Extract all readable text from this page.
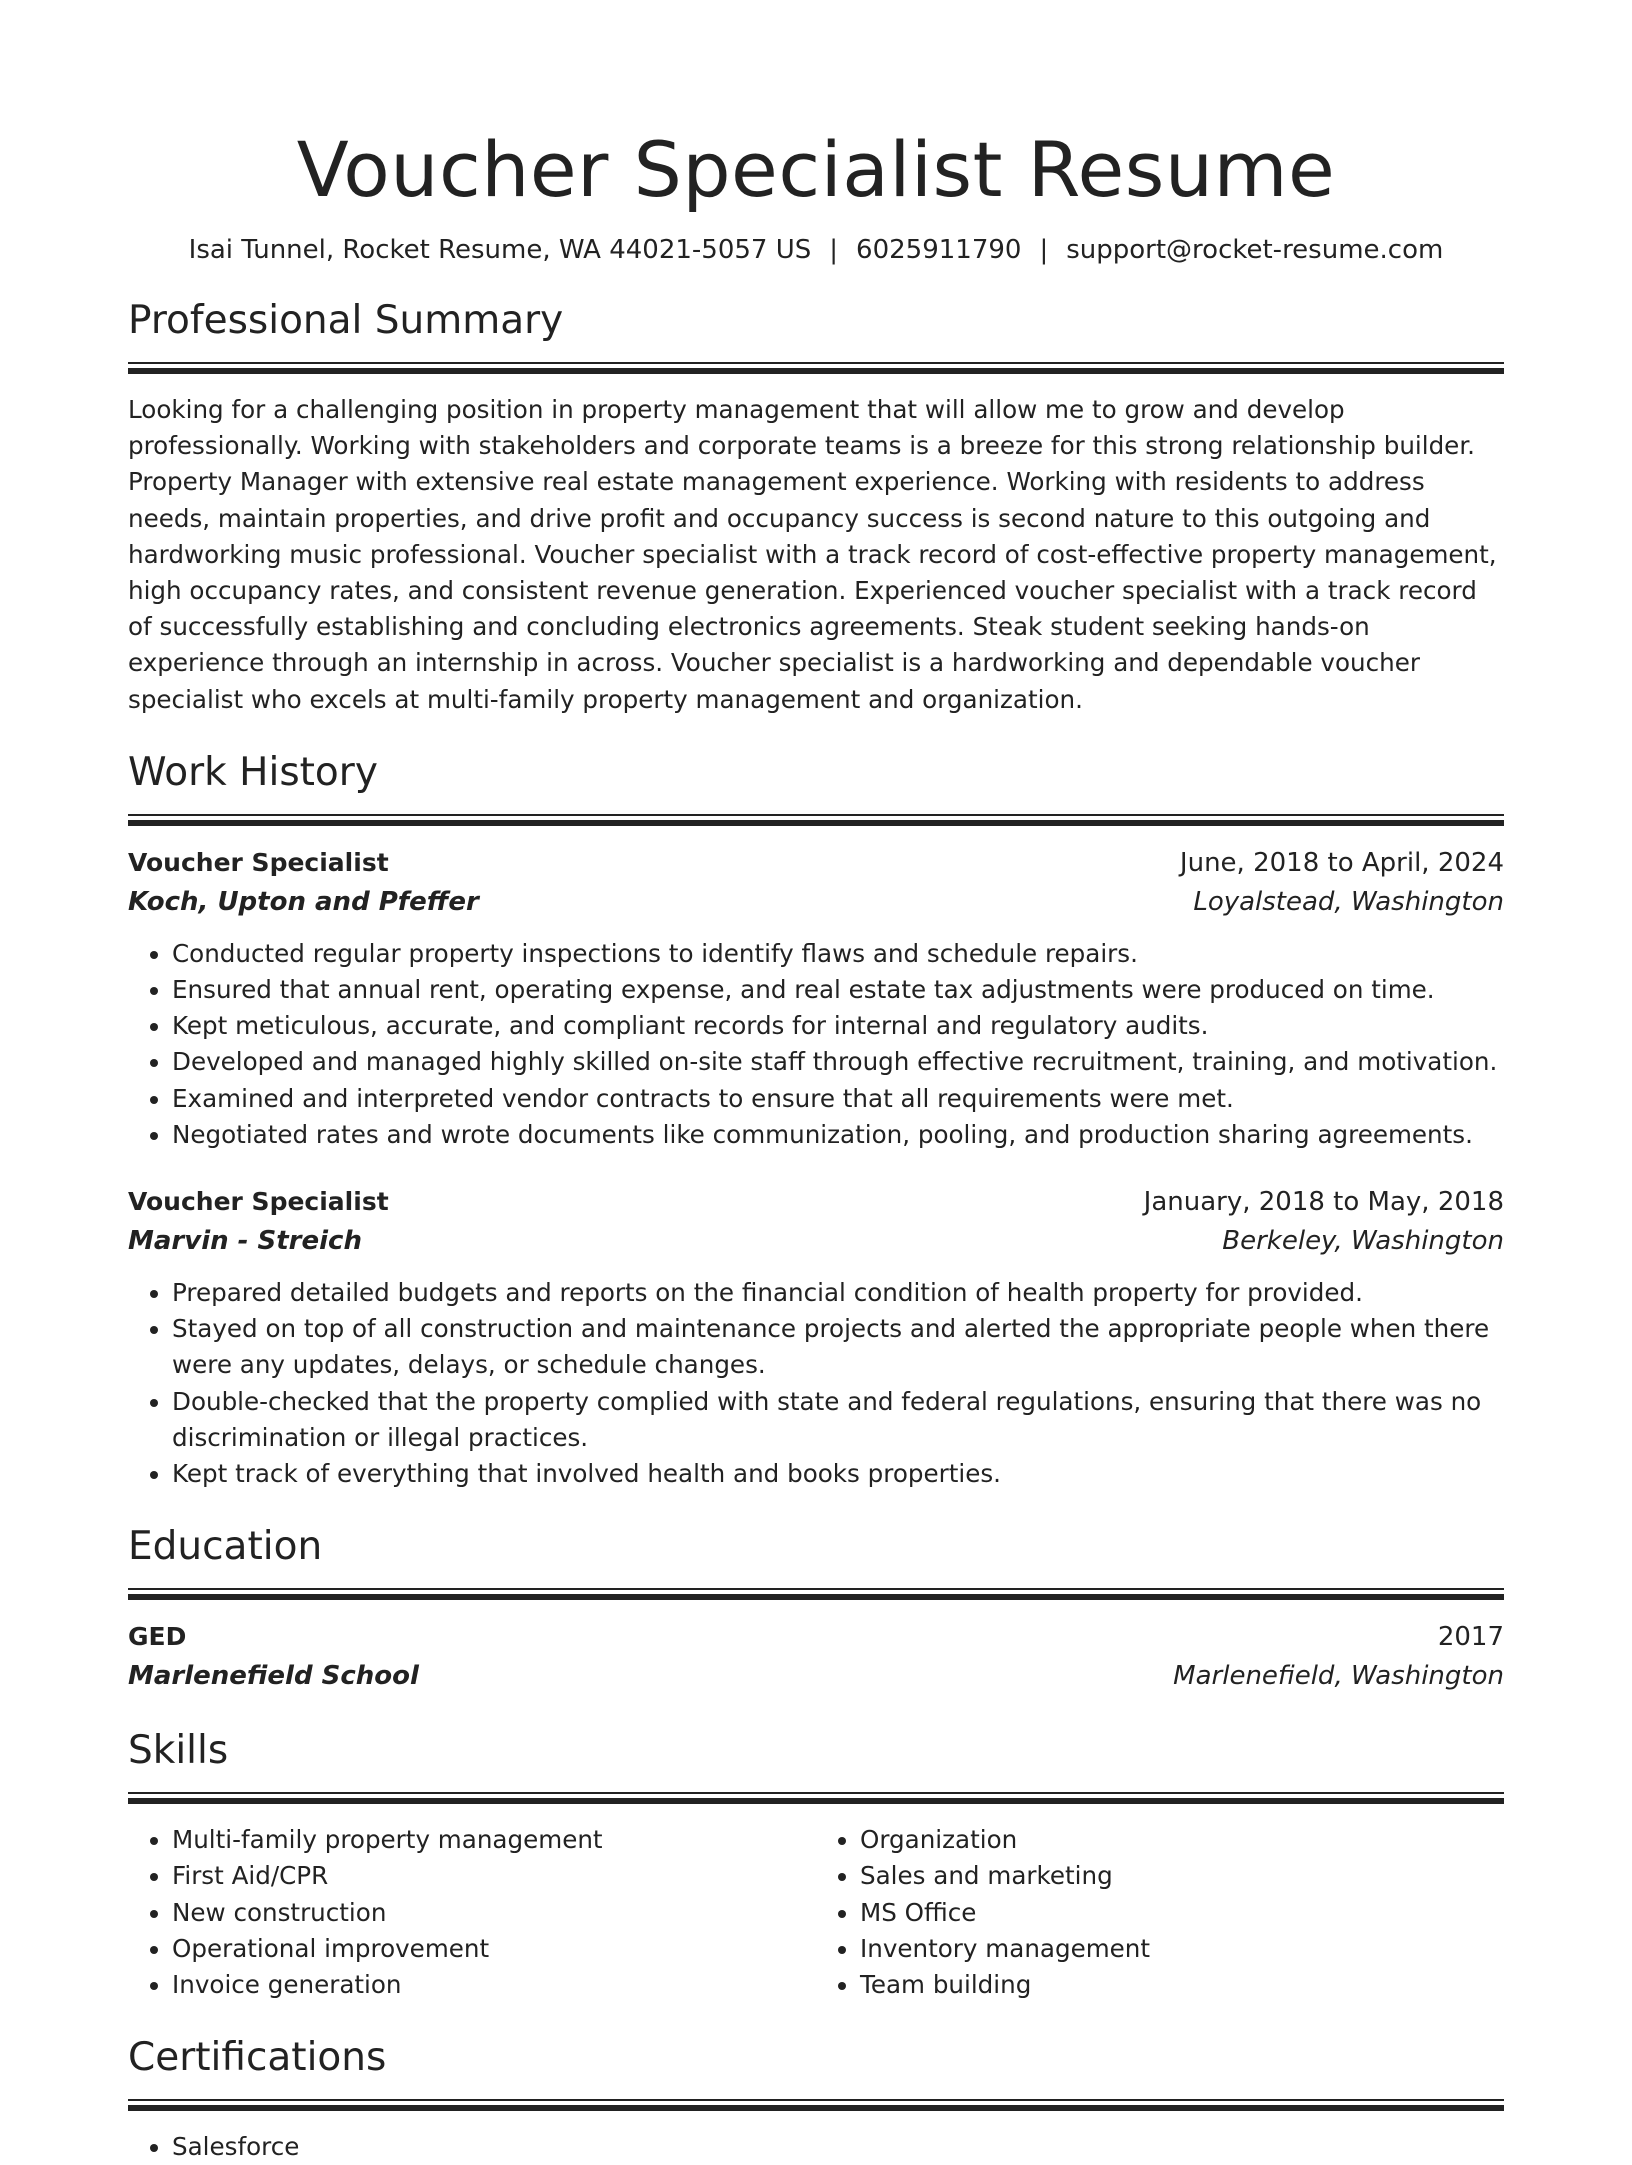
Voucher Specialist Resume
Isai Tunnel, Rocket Resume, WA 44021-5057 US | 6025911790 | support@rocket-resume.com
Professional Summary

Looking for a challenging position in property management that will allow me to grow and develop professionally. Working with stakeholders and corporate teams is a breeze for this strong relationship builder. Property Manager with extensive real estate management experience. Working with residents to address needs, maintain properties, and drive profit and occupancy success is second nature to this outgoing and hardworking music professional. Voucher specialist with a track record of cost-effective property management, high occupancy rates, and consistent revenue generation. Experienced voucher specialist with a track record of successfully establishing and concluding electronics agreements. Steak student seeking hands-on experience through an internship in across. Voucher specialist is a hardworking and dependable voucher specialist who excels at multi-family property management and organization.

Work History
Voucher Specialist	June, 2018 to April, 2024
Koch, Upton and Pfeffer	Loyalstead, Washington
• Conducted regular property inspections to identify flaws and schedule repairs.
• Ensured that annual rent, operating expense, and real estate tax adjustments were produced on time.
• Kept meticulous, accurate, and compliant records for internal and regulatory audits.
• Developed and managed highly skilled on-site staff through effective recruitment, training, and motivation.
• Examined and interpreted vendor contracts to ensure that all requirements were met.
• Negotiated rates and wrote documents like communization, pooling, and production sharing agreements.
Voucher Specialist	January, 2018 to May, 2018
Marvin - Streich	Berkeley, Washington
• Prepared detailed budgets and reports on the financial condition of health property for provided.
• Stayed on top of all construction and maintenance projects and alerted the appropriate people when there were any updates, delays, or schedule changes.
• Double-checked that the property complied with state and federal regulations, ensuring that there was no discrimination or illegal practices.
• Kept track of everything that involved health and books properties.
Education
GED	2017
Marlenefield School	Marlenefield, Washington
Skills
• Multi-family property management
• First Aid/CPR
• New construction
• Operational improvement
• Invoice generation
• Organization
• Sales and marketing
• MS Office
• Inventory management
• Team building
Certifications
• Salesforce
